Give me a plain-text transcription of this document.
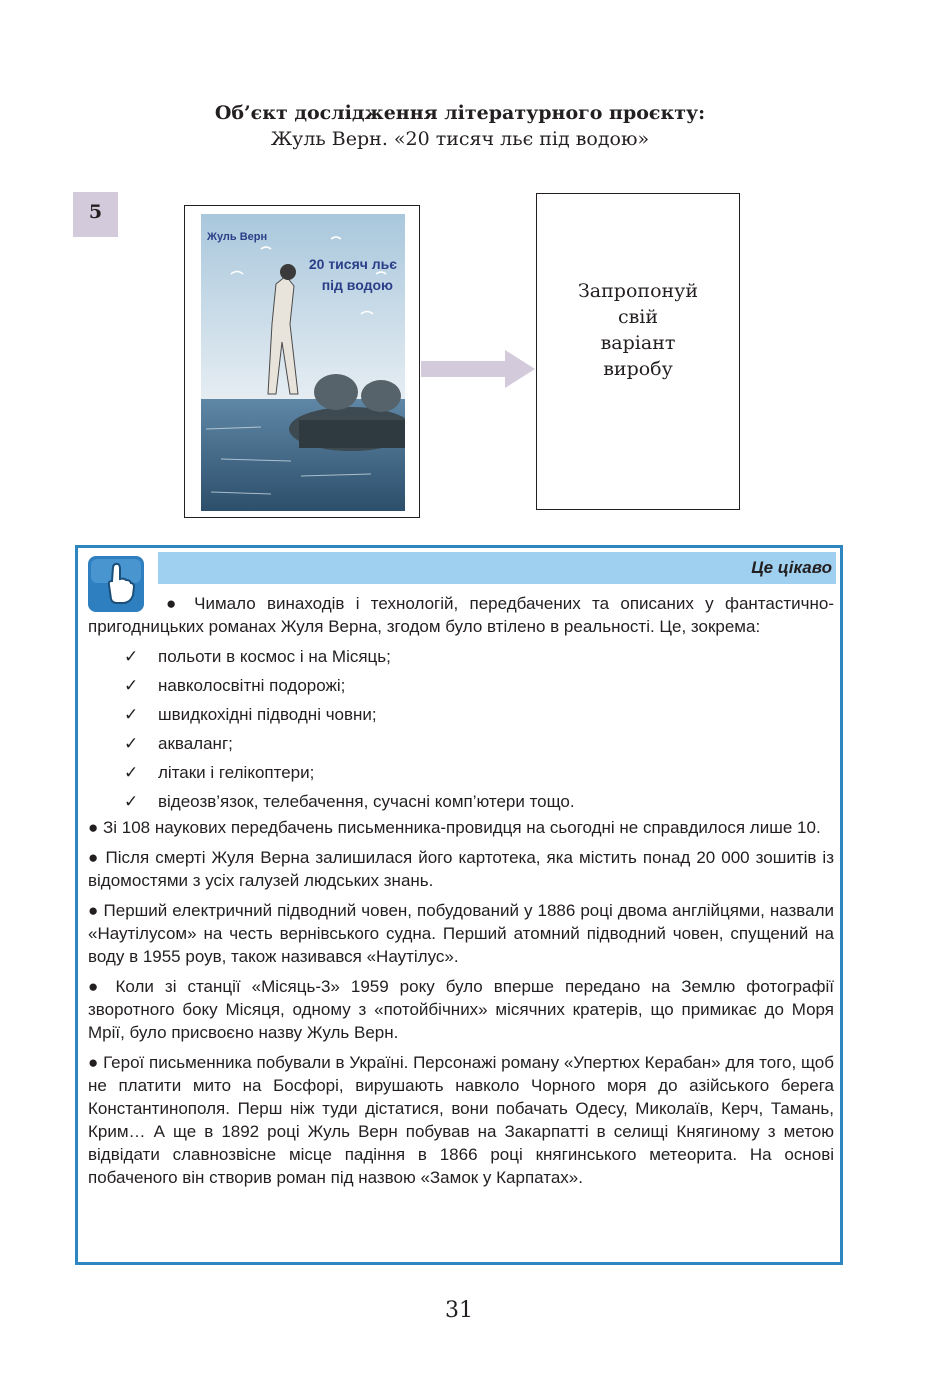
Об’єкт дослідження літературного проєкту:
Жуль Верн. «20 тисяч льє під водою»
5
Жуль Верн
20 тисяч льє
під водою	Запропонуй
свій
варіант
виробу
Це цікаво

● Чимало винаходів і технологій, передбачених та описаних у фантастично-пригодницьких романах Жуля Верна, згодом було втілено в реальності. Це, зокрема:

✓ польоти в космос і на Місяць;
✓ навколосвітні подорожі;
✓ швидкохідні підводні човни;
✓ акваланг;
✓ літаки і гелікоптери;
✓ відеозв’язок, телебачення, сучасні комп’ютери тощо.

● Зі 108 наукових передбачень письменника-провидця на сьогодні не справдилося лише 10.

● Після смерті Жуля Верна залишилася його картотека, яка містить понад 20 000 зошитів із відомостями з усіх галузей людських знань.

● Перший електричний підводний човен, побудований у 1886 році двома англійцями, назвали «Наутілусом» на честь вернівського судна. Перший атомний підводний човен, спущений на воду в 1955 роув, також називався «Наутілус».

● Коли зі станції «Місяць-3» 1959 року було вперше передано на Землю фотографії зворотного боку Місяця, одному з «потойбічних» місячних кратерів, що примикає до Моря Мрії, було присвоєно назву Жуль Верн.

● Герої письменника побували в Україні. Персонажі роману «Упертюх Керабан» для того, щоб не платити мито на Босфорі, вирушають навколо Чорного моря до азійського берега Константинополя. Перш ніж туди дістатися, вони побачать Одесу, Миколаїв, Керч, Тамань, Крим… А ще в 1892 році Жуль Верн побував на Закарпатті в селищі Княгиному з метою відвідати славнозвісне місце падіння в 1866 році княгинського метеорита. На основі побаченого він створив роман під назвою «Замок у Карпатах».

31
